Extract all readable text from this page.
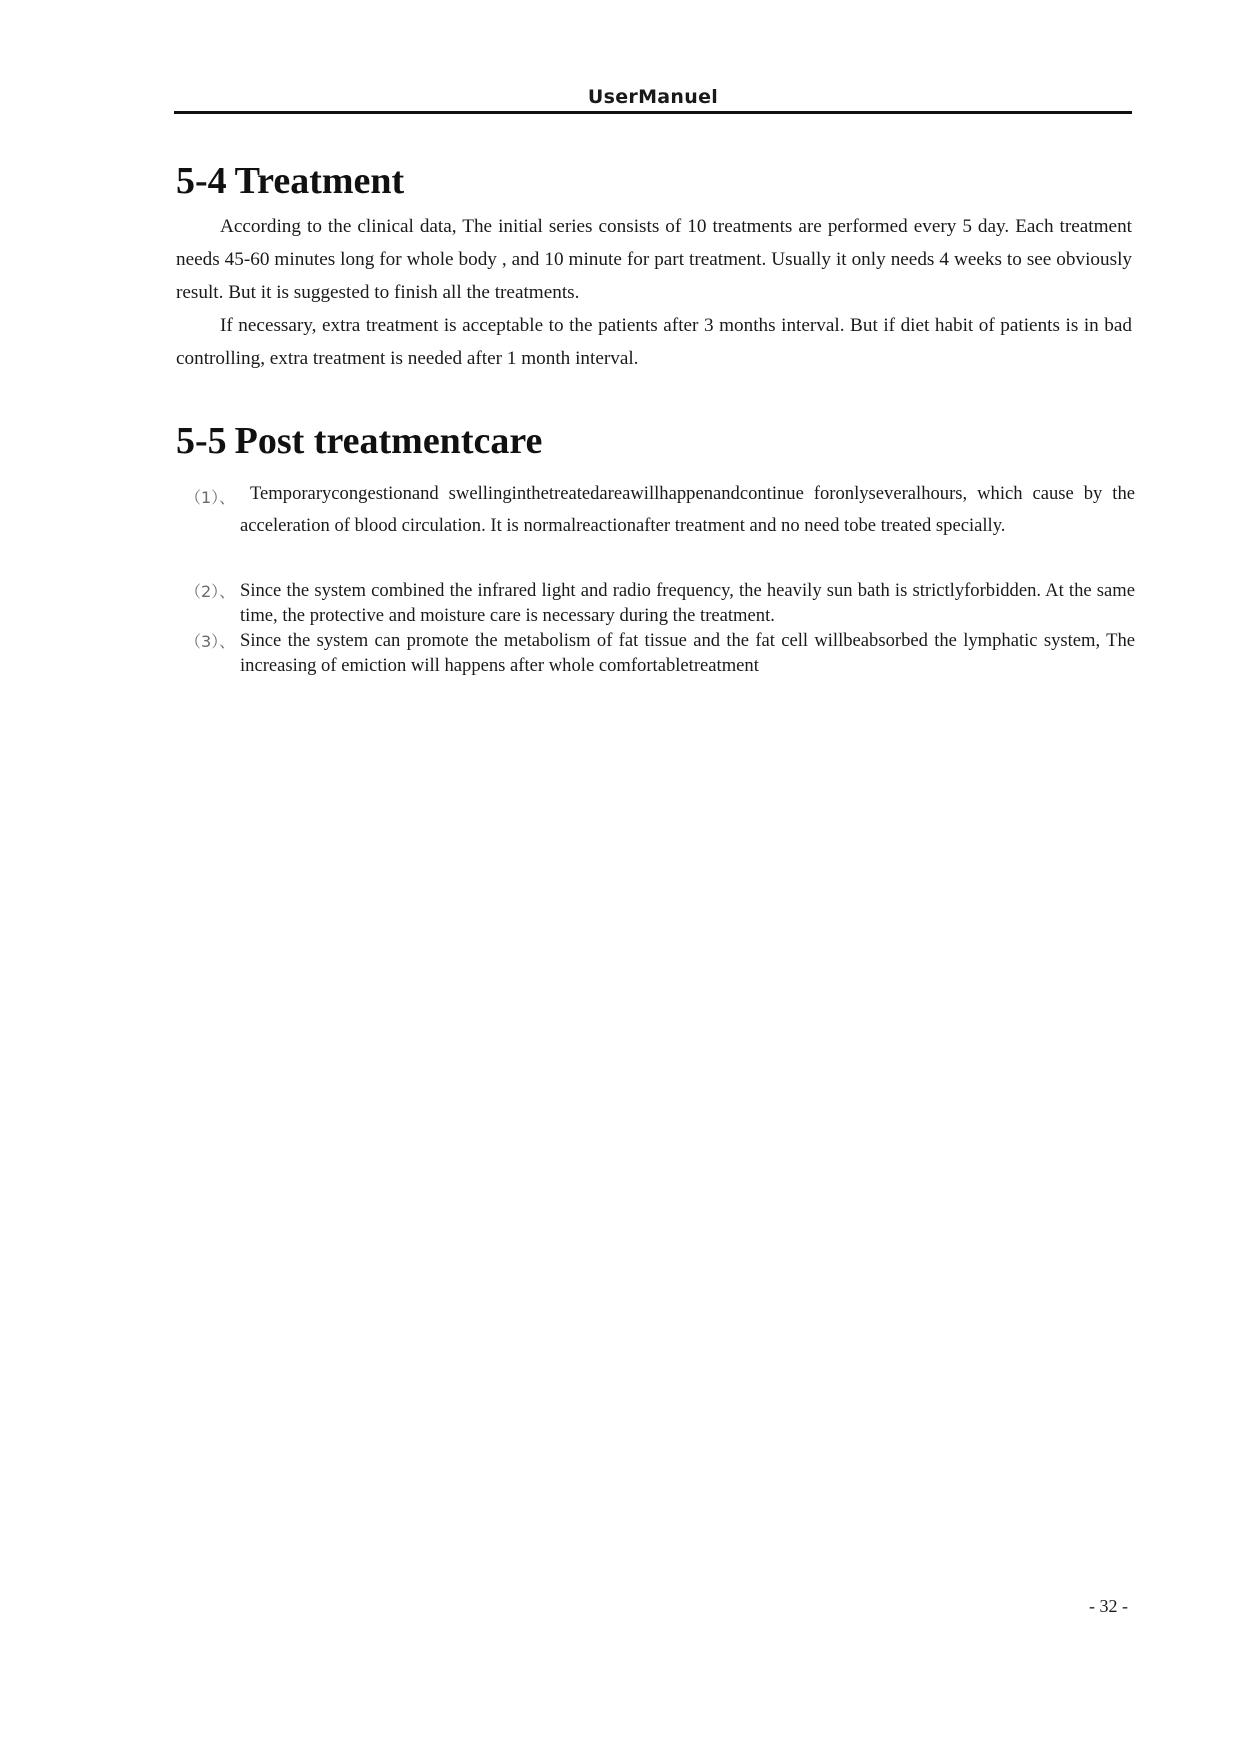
UserManuel
5-4 Treatment

According to the clinical data, The initial series consists of 10 treatments are performed every 5 day. Each treatment needs 45-60 minutes long for whole body , and 10 minute for part treatment. Usually it only needs 4 weeks to see obviously result. But it is suggested to finish all the treatments.

If necessary, extra treatment is acceptable to the patients after 3 months interval. But if diet habit of patients is in bad controlling, extra treatment is needed after 1 month interval.

5-5 Post treatmentcare
（1）、 Temporarycongestionand swellinginthetreatedareawillhappenandcontinue foronlyseveralhours, which cause by the acceleration of blood circulation. It is normalreactionafter treatment and no need tobe treated specially.
（2）、 Since the system combined the infrared light and radio frequency, the heavily sun bath is strictlyforbidden. At the same time, the protective and moisture care is necessary during the treatment.
（3）、 Since the system can promote the metabolism of fat tissue and the fat cell willbeabsorbed the lymphatic system, The increasing of emiction will happens after whole comfortabletreatment
- 32 -
